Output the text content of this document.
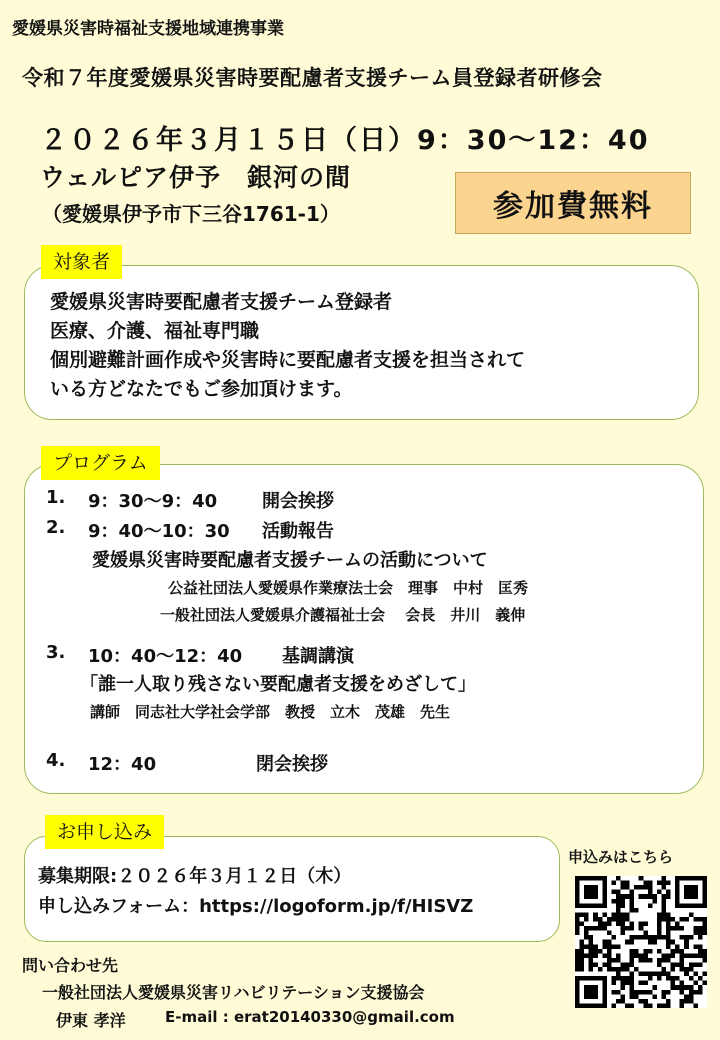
愛媛県災害時福祉支援地域連携事業
令和７年度愛媛県災害時要配慮者支援チーム員登録者研修会
２０２６年３月１５日（日）9：30～12：40
ウェルピア伊予　銀河の間
（愛媛県伊予市下三谷1761-1）	参加費無料
対象者
愛媛県災害時要配慮者支援チーム登録者
医療、介護、福祉専門職
個別避難計画作成や災害時に要配慮者支援を担当されて
いる方どなたでもご参加頂けます。
プログラム
1. 9：30～9：40 開会挨拶
2. 9：40～10：30 活動報告
愛媛県災害時要配慮者支援チームの活動について
公益社団法人愛媛県作業療法士会　理事　中村　匡秀
一般社団法人愛媛県介護福祉士会　 会長　井川　義伸
3. 10：40～12：40 基調講演
「誰一人取り残さない要配慮者支援をめざして」
講師　同志社大学社会学部　教授　立木　茂雄　先生
4. 12：40	閉会挨拶
お申し込み
募集期限:２０２６年３月１２日（木）
申し込みフォーム：https://logoform.jp/f/HISVZ
申込みはこちら
問い合わせ先
一般社団法人愛媛県災害リハビリテーション支援協会
伊東 孝洋	E-mail : erat20140330@gmail.com
